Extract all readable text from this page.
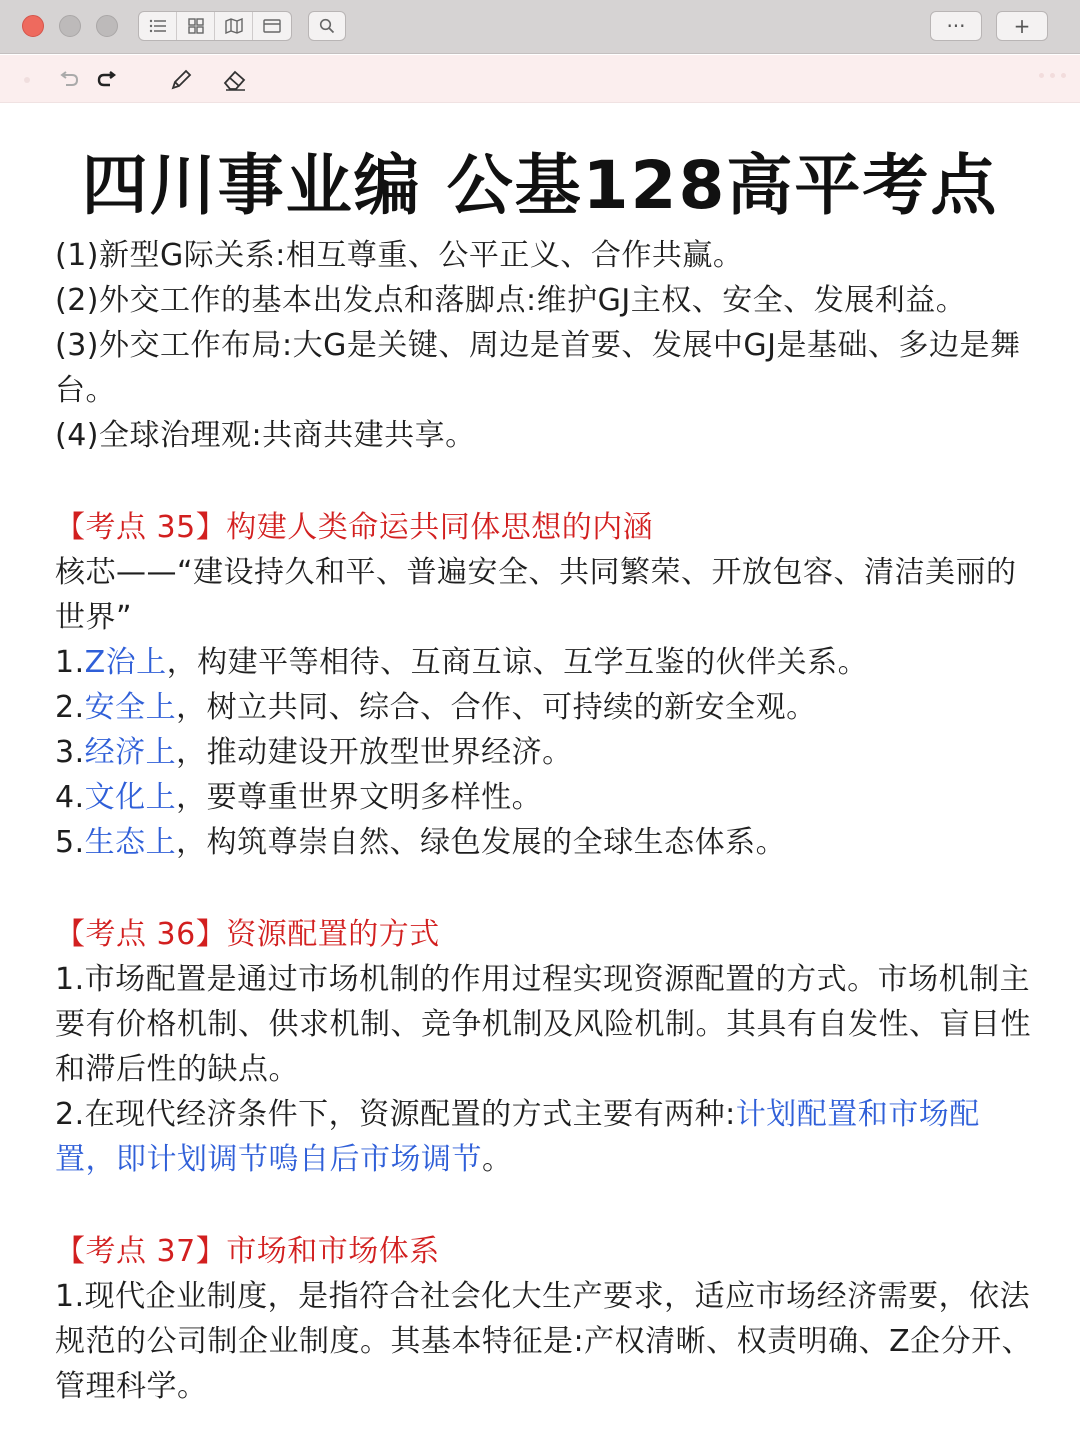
···	+
四川事业编 公基128高平考点

(1)新型G际关系:相互尊重、公平正义、合作共赢。

(2)外交工作的基本出发点和落脚点:维护GJ主权、安全、发展利益。

(3)外交工作布局:大G是关键、周边是首要、发展中GJ是基础、多边是舞台。

(4)全球治理观:共商共建共享。

【考点 35】构建人类命运共同体思想的内涵

核芯——“建设持久和平、普遍安全、共同繁荣、开放包容、清洁美丽的世界”

1.Z治上，构建平等相待、互商互谅、互学互鉴的伙伴关系。

2.安全上，树立共同、综合、合作、可持续的新安全观。

3.经济上，推动建设开放型世界经济。

4.文化上，要尊重世界文明多样性。

5.生态上，构筑尊崇自然、绿色发展的全球生态体系。

【考点 36】资源配置的方式

1.市场配置是通过市场机制的作用过程实现资源配置的方式。市场机制主要有价格机制、供求机制、竞争机制及风险机制。其具有自发性、盲目性和滞后性的缺点。

2.在现代经济条件下，资源配置的方式主要有两种:计划配置和市场配置，即计划调节嗚自后市场调节。

【考点 37】市场和市场体系

1.现代企业制度，是指符合社会化大生产要求，适应市场经济需要，依法规范的公司制企业制度。其基本特征是:产权清晰、权责明确、Z企分开、管理科学。
